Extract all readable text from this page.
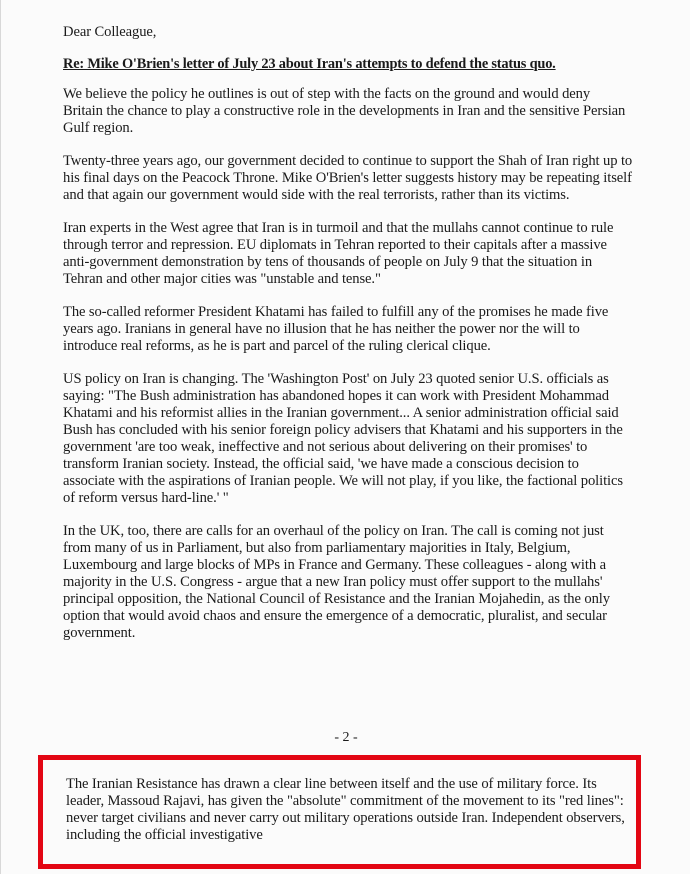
Dear Colleague,

Re: Mike O'Brien's letter of July 23 about Iran's attempts to defend the status quo.

We believe the policy he outlines is out of step with the facts on the ground and would deny Britain the chance to play a constructive role in the developments in Iran and the sensitive Persian Gulf region.

Twenty-three years ago, our government decided to continue to support the Shah of Iran right up to his final days on the Peacock Throne. Mike O'Brien's letter suggests history may be repeating itself and that again our government would side with the real terrorists, rather than its victims.

Iran experts in the West agree that Iran is in turmoil and that the mullahs cannot continue to rule through terror and repression. EU diplomats in Tehran reported to their capitals after a massive anti-government demonstration by tens of thousands of people on July 9 that the situation in Tehran and other major cities was "unstable and tense."

The so-called reformer President Khatami has failed to fulfill any of the promises he made five years ago. Iranians in general have no illusion that he has neither the power nor the will to introduce real reforms, as he is part and parcel of the ruling clerical clique.

US policy on Iran is changing. The 'Washington Post' on July 23 quoted senior U.S. officials as saying: "The Bush administration has abandoned hopes it can work with President Mohammad Khatami and his reformist allies in the Iranian government... A senior administration official said Bush has concluded with his senior foreign policy advisers that Khatami and his supporters in the government 'are too weak, ineffective and not serious about delivering on their promises' to transform Iranian society. Instead, the official said, 'we have made a conscious decision to associate with the aspirations of Iranian people. We will not play, if you like, the factional politics of reform versus hard-line.' "

In the UK, too, there are calls for an overhaul of the policy on Iran. The call is coming not just from many of us in Parliament, but also from parliamentary majorities in Italy, Belgium, Luxembourg and large blocks of MPs in France and Germany. These colleagues - along with a majority in the U.S. Congress - argue that a new Iran policy must offer support to the mullahs' principal opposition, the National Council of Resistance and the Iranian Mojahedin, as the only option that would avoid chaos and ensure the emergence of a democratic, pluralist, and secular government.

- 2 -

The Iranian Resistance has drawn a clear line between itself and the use of military force. Its leader, Massoud Rajavi, has given the "absolute" commitment of the movement to its "red lines": never target civilians and never carry out military operations outside Iran. Independent observers, including the official investigative
